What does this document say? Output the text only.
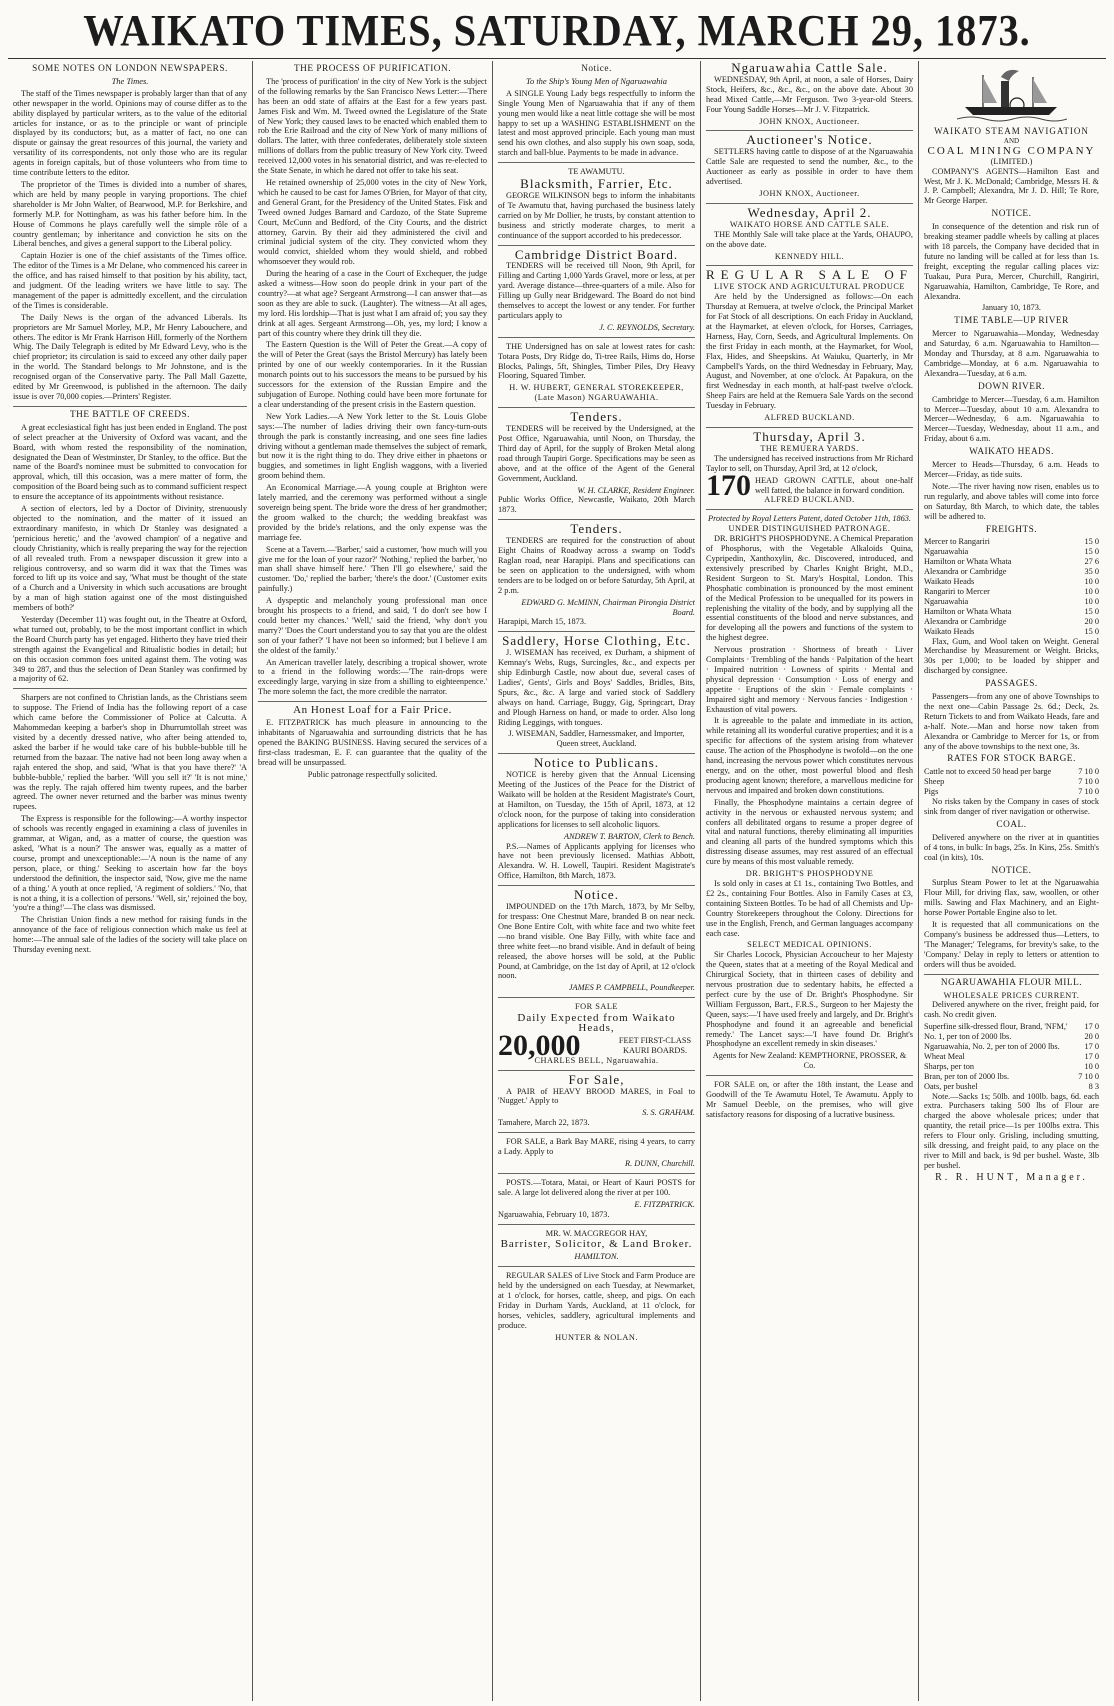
WAIKATO TIMES, SATURDAY, MARCH 29, 1873.
SOME NOTES ON LONDON NEWSPAPERS.
The Times.

The staff of the Times newspaper is probably larger than that of any other newspaper in the world. Opinions may of course differ as to the ability displayed by particular writers, as to the value of the editorial articles for instance, or as to the principle or want of principle displayed by its conductors; but, as a matter of fact, no one can dispute or gainsay the great resources of this journal, the variety and versatility of its correspondents, not only those who are its regular agents in foreign capitals, but of those volunteers who from time to time contribute letters to the editor.

The proprietor of the Times is divided into a number of shares, which are held by many people in varying proportions. The chief shareholder is Mr John Walter, of Bearwood, M.P. for Berkshire, and formerly M.P. for Nottingham, as was his father before him. In the House of Commons he plays carefully well the simple rôle of a country gentleman; by inheritance and conviction he sits on the Liberal benches, and gives a general support to the Liberal policy.

Captain Hozier is one of the chief assistants of the Times office. The editor of the Times is a Mr Delane, who commenced his career in the office, and has raised himself to that position by his ability, tact, and judgment. Of the leading writers we have little to say. The management of the paper is admittedly excellent, and the circulation of the Times is considerable.

The Daily News is the organ of the advanced Liberals. Its proprietors are Mr Samuel Morley, M.P., Mr Henry Labouchere, and others. The editor is Mr Frank Harrison Hill, formerly of the Northern Whig. The Daily Telegraph is edited by Mr Edward Levy, who is the chief proprietor; its circulation is said to exceed any other daily paper in the world. The Standard belongs to Mr Johnstone, and is the recognised organ of the Conservative party. The Pall Mall Gazette, edited by Mr Greenwood, is published in the afternoon. The daily issue is over 70,000 copies.—Printers' Register.

THE BATTLE OF CREEDS.

A great ecclesiastical fight has just been ended in England. The post of select preacher at the University of Oxford was vacant, and the Board, with whom rested the responsibility of the nomination, designated the Dean of Westminster, Dr Stanley, to the office. But the name of the Board's nominee must be submitted to convocation for approval, which, till this occasion, was a mere matter of form, the composition of the Board being such as to command sufficient respect to ensure the acceptance of its appointments without resistance.

A section of electors, led by a Doctor of Divinity, strenuously objected to the nomination, and the matter of it issued an extraordinary manifesto, in which Dr Stanley was designated a 'pernicious heretic,' and the 'avowed champion' of a negative and cloudy Christianity, which is really preparing the way for the rejection of all revealed truth. From a newspaper discussion it grew into a religious controversy, and so warm did it wax that the Times was forced to lift up its voice and say, 'What must be thought of the state of a Church and a University in which such accusations are brought by a man of high station against one of the most distinguished members of both?'

Yesterday (December 11) was fought out, in the Theatre at Oxford, what turned out, probably, to be the most important conflict in which the Board Church party has yet engaged. Hitherto they have tried their strength against the Evangelical and Ritualistic bodies in detail; but on this occasion common foes united against them. The voting was 349 to 287, and thus the selection of Dean Stanley was confirmed by a majority of 62.

Sharpers are not confined to Christian lands, as the Christians seem to suppose. The Friend of India has the following report of a case which came before the Commissioner of Police at Calcutta. A Mahommedan keeping a barber's shop in Dhurrumtollah street was visited by a decently dressed native, who after being attended to, asked the barber if he would take care of his bubble-bubble till he returned from the bazaar. The native had not been long away when a rajah entered the shop, and said, 'What is that you have there?' 'A bubble-bubble,' replied the barber. 'Will you sell it?' 'It is not mine,' was the reply. The rajah offered him twenty rupees, and the barber agreed. The owner never returned and the barber was minus twenty rupees.

The Express is responsible for the following:—A worthy inspector of schools was recently engaged in examining a class of juveniles in grammar, at Wigan, and, as a matter of course, the question was asked, 'What is a noun?' The answer was, equally as a matter of course, prompt and unexceptionable:—'A noun is the name of any person, place, or thing.' Seeking to ascertain how far the boys understood the definition, the inspector said, 'Now, give me the name of a thing.' A youth at once replied, 'A regiment of soldiers.' 'No, that is not a thing, it is a collection of persons.' 'Well, sir,' rejoined the boy, 'you're a thing!'—The class was dismissed.

The Christian Union finds a new method for raising funds in the annoyance of the face of religious connection which make us feel at home:—The annual sale of the ladies of the society will take place on Thursday evening next.

THE PROCESS OF PURIFICATION.

The 'process of purification' in the city of New York is the subject of the following remarks by the San Francisco News Letter:—There has been an odd state of affairs at the East for a few years past. James Fisk and Wm. M. Tweed owned the Legislature of the State of New York; they caused laws to be enacted which enabled them to rob the Erie Railroad and the city of New York of many millions of dollars. The latter, with three confederates, deliberately stole sixteen millions of dollars from the public treasury of New York city. Tweed received 12,000 votes in his senatorial district, and was re-elected to the State Senate, in which he dared not offer to take his seat.

He retained ownership of 25,000 votes in the city of New York, which he caused to be cast for James O'Brien, for Mayor of that city, and General Grant, for the Presidency of the United States. Fisk and Tweed owned Judges Barnard and Cardozo, of the State Supreme Court, McCunn and Bedford, of the City Courts, and the district attorney, Garvin. By their aid they administered the civil and criminal judicial system of the city. They convicted whom they would convict, shielded whom they would shield, and robbed whomsoever they would rob.

During the hearing of a case in the Court of Exchequer, the judge asked a witness—How soon do people drink in your part of the country?—at what age? Sergeant Armstrong—I can answer that—as soon as they are able to suck. (Laughter). The witness—At all ages, my lord. His lordship—That is just what I am afraid of; you say they drink at all ages. Sergeant Armstrong—Oh, yes, my lord; I know a part of this country where they drink till they die.

The Eastern Question is the Will of Peter the Great.—A copy of the will of Peter the Great (says the Bristol Mercury) has lately been printed by one of our weekly contemporaries. In it the Russian monarch points out to his successors the means to be pursued by his successors for the extension of the Russian Empire and the subjugation of Europe. Nothing could have been more fortunate for a clear understanding of the present crisis in the Eastern question.

New York Ladies.—A New York letter to the St. Louis Globe says:—The number of ladies driving their own fancy-turn-outs through the park is constantly increasing, and one sees fine ladies driving without a gentleman made themselves the subject of remark, but now it is the right thing to do. They drive either in phaetons or buggies, and sometimes in light English waggons, with a liveried groom behind them.

An Economical Marriage.—A young couple at Brighton were lately married, and the ceremony was performed without a single sovereign being spent. The bride wore the dress of her grandmother; the groom walked to the church; the wedding breakfast was provided by the bride's relations, and the only expense was the marriage fee.

Scene at a Tavern.—'Barber,' said a customer, 'how much will you give me for the loan of your razor?' 'Nothing,' replied the barber, 'no man shall shave himself here.' 'Then I'll go elsewhere,' said the customer. 'Do,' replied the barber; 'there's the door.' (Customer exits painfully.)

A dyspeptic and melancholy young professional man once brought his prospects to a friend, and said, 'I do don't see how I could better my chances.' 'Well,' said the friend, 'why don't you marry?' 'Does the Court understand you to say that you are the oldest son of your father?' 'I have not been so informed; but I believe I am the oldest of the family.'

An American traveller lately, describing a tropical shower, wrote to a friend in the following words:—'The rain-drops were exceedingly large, varying in size from a shilling to eighteenpence.' The more solemn the fact, the more credible the narrator.

An Honest Loaf for a Fair Price.

E. FITZPATRICK has much pleasure in announcing to the inhabitants of Ngaruawahia and surrounding districts that he has opened the BAKING BUSINESS. Having secured the services of a first-class tradesman, E. F. can guarantee that the quality of the bread will be unsurpassed.

Public patronage respectfully solicited.
Notice.
To the Ship's Young Men of Ngaruawahia

A SINGLE Young Lady begs respectfully to inform the Single Young Men of Ngaruawahia that if any of them young men would like a neat little cottage she will be most happy to set up a WASHING ESTABLISHMENT on the latest and most approved principle. Each young man must send his own clothes, and also supply his own soap, soda, starch and ball-blue. Payments to be made in advance.

TE AWAMUTU.
Blacksmith, Farrier, Etc.

GEORGE WILKINSON begs to inform the inhabitants of Te Awamutu that, having purchased the business lately carried on by Mr Dollier, he trusts, by constant attention to business and strictly moderate charges, to merit a continuance of the support accorded to his predecessor.

Cambridge District Board.

TENDERS will be received till Noon, 9th April, for Filling and Carting 1,000 Yards Gravel, more or less, at per yard. Average distance—three-quarters of a mile. Also for Filling up Gully near Bridgeward. The Board do not bind themselves to accept the lowest or any tender. For further particulars apply to

J. C. REYNOLDS, Secretary.

THE Undersigned has on sale at lowest rates for cash: Totara Posts, Dry Ridge do, Ti-tree Rails, Hims do, Horse Blocks, Palings, 5ft, Shingles, Timber Piles, Dry Heavy Flooring, Squared Timber.

H. W. HUBERT, GENERAL STOREKEEPER, (Late Mason) NGARUAWAHIA.
Tenders.

TENDERS will be received by the Undersigned, at the Post Office, Ngaruawahia, until Noon, on Thursday, the Third day of April, for the supply of Broken Metal along road through Taupiri Gorge. Specifications may be seen as above, and at the office of the Agent of the General Government, Auckland.

W. H. CLARKE, Resident Engineer.
Public Works Office, Newcastle, Waikato, 20th March 1873.
Tenders.

TENDERS are required for the construction of about Eight Chains of Roadway across a swamp on Todd's Raglan road, near Harapipi. Plans and specifications can be seen on application to the undersigned, with whom tenders are to be lodged on or before Saturday, 5th April, at 2 p.m.

EDWARD G. McMINN, Chairman Pirongia District Board.
Harapipi, March 15, 1873.
Saddlery, Horse Clothing, Etc.

J. WISEMAN has received, ex Durham, a shipment of Kemnay's Webs, Rugs, Surcingles, &c., and expects per ship Edinburgh Castle, now about due, several cases of Ladies', Gents', Girls and Boys' Saddles, Bridles, Bits, Spurs, &c., &c. A large and varied stock of Saddlery always on hand. Carriage, Buggy, Gig, Springcart, Dray and Plough Harness on hand, or made to order. Also long Riding Leggings, with tongues.

J. WISEMAN, Saddler, Harnessmaker, and Importer, Queen street, Auckland.
Notice to Publicans.

NOTICE is hereby given that the Annual Licensing Meeting of the Justices of the Peace for the District of Waikato will be holden at the Resident Magistrate's Court, at Hamilton, on Tuesday, the 15th of April, 1873, at 12 o'clock noon, for the purpose of taking into consideration applications for licenses to sell alcoholic liquors.

ANDREW T. BARTON, Clerk to Bench.

P.S.—Names of Applicants applying for licenses who have not been previously licensed. Mathias Abbott, Alexandra. W. H. Lowell, Taupiri. Resident Magistrate's Office, Hamilton, 8th March, 1873.

Notice.

IMPOUNDED on the 17th March, 1873, by Mr Selby, for trespass: One Chestnut Mare, branded B on near neck. One Bone Entire Colt, with white face and two white feet—no brand visible. One Bay Filly, with white face and three white feet—no brand visible. And in default of being released, the above horses will be sold, at the Public Pound, at Cambridge, on the 1st day of April, at 12 o'clock noon.

JAMES P. CAMPBELL, Poundkeeper.
FOR SALE
Daily Expected from Waikato Heads,
20,000	FEET FIRST-CLASS KAURI BOARDS.
CHARLES BELL, Ngaruawahia.
For Sale,

A PAIR of HEAVY BROOD MARES, in Foal to 'Nugget.' Apply to

S. S. GRAHAM.
Tamahere, March 22, 1873.

FOR SALE, a Bark Bay MARE, rising 4 years, to carry a Lady. Apply to

R. DUNN, Churchill.

POSTS.—Totara, Matai, or Heart of Kauri POSTS for sale. A large lot delivered along the river at per 100.

E. FITZPATRICK.
Ngaruawahia, February 10, 1873.
MR. W. MACGREGOR HAY,
Barrister, Solicitor, & Land Broker.
HAMILTON.

REGULAR SALES of Live Stock and Farm Produce are held by the undersigned on each Tuesday, at Newmarket, at 1 o'clock, for horses, cattle, sheep, and pigs. On each Friday in Durham Yards, Auckland, at 11 o'clock, for horses, vehicles, saddlery, agricultural implements and produce.

HUNTER & NOLAN.
Ngaruawahia Cattle Sale.

WEDNESDAY, 9th April, at noon, a sale of Horses, Dairy Stock, Heifers, &c., &c., &c., on the above date. About 30 head Mixed Cattle,—Mr Ferguson. Two 3-year-old Steers. Four Young Saddle Horses—Mr J. V. Fitzpatrick.

JOHN KNOX, Auctioneer.
Auctioneer's Notice.

SETTLERS having cattle to dispose of at the Ngaruawahia Cattle Sale are requested to send the number, &c., to the Auctioneer as early as possible in order to have them advertised.

JOHN KNOX, Auctioneer.
Wednesday, April 2.
WAIKATO HORSE AND CATTLE SALE.

THE Monthly Sale will take place at the Yards, OHAUPO, on the above date.

KENNEDY HILL.
REGULAR SALE OF
LIVE STOCK AND AGRICULTURAL PRODUCE

Are held by the Undersigned as follows:—On each Thursday at Remuera, at twelve o'clock, the Principal Market for Fat Stock of all descriptions. On each Friday in Auckland, at the Haymarket, at eleven o'clock, for Horses, Carriages, Harness, Hay, Corn, Seeds, and Agricultural Implements. On the first Friday in each month, at the Haymarket, for Wool, Flax, Hides, and Sheepskins. At Waiuku, Quarterly, in Mr Campbell's Yards, on the third Wednesday in February, May, August, and November, at one o'clock. At Papakura, on the first Wednesday in each month, at half-past twelve o'clock. Sheep Fairs are held at the Remuera Sale Yards on the second Tuesday in February.

ALFRED BUCKLAND.
Thursday, April 3.
THE REMUERA YARDS.

The undersigned has received instructions from Mr Richard Taylor to sell, on Thursday, April 3rd, at 12 o'clock,

170 HEAD GROWN CATTLE, about one-half well fatted, the balance in forward condition.
ALFRED BUCKLAND.
Protected by Royal Letters Patent, dated October 11th, 1863.
UNDER DISTINGUISHED PATRONAGE.

DR. BRIGHT'S PHOSPHODYNE. A Chemical Preparation of Phosphorus, with the Vegetable Alkaloids Quina, Cypripedin, Xanthoxylin, &c. Discovered, introduced, and extensively prescribed by Charles Knight Bright, M.D., Resident Surgeon to St. Mary's Hospital, London. This Phosphatic combination is pronounced by the most eminent of the Medical Profession to be unequalled for its powers in replenishing the vitality of the body, and by supplying all the essential constituents of the blood and nerve substances, and for developing all the powers and functions of the system to the highest degree.

Nervous prostration · Shortness of breath · Liver Complaints · Trembling of the hands · Palpitation of the heart · Impaired nutrition · Lowness of spirits · Mental and physical depression · Consumption · Loss of energy and appetite · Eruptions of the skin · Female complaints · Impaired sight and memory · Nervous fancies · Indigestion · Exhaustion of vital powers.

It is agreeable to the palate and immediate in its action, while retaining all its wonderful curative properties; and it is a specific for affections of the system arising from whatever cause. The action of the Phosphodyne is twofold—on the one hand, increasing the nervous power which constitutes nervous energy, and on the other, most powerful blood and flesh producing agent known; therefore, a marvellous medicine for nervous and impaired and broken down constitutions.

Finally, the Phosphodyne maintains a certain degree of activity in the nervous or exhausted nervous system; and confers all debilitated organs to resume a proper degree of vital and natural functions, thereby eliminating all impurities and cleaning all parts of the hundred symptoms which this distressing disease assumes, may rest assured of an effectual cure by means of this most valuable remedy.

DR. BRIGHT'S PHOSPHODYNE

Is sold only in cases at £1 1s., containing Two Bottles, and £2 2s., containing Four Bottles. Also in Family Cases at £3, containing Sixteen Bottles. To be had of all Chemists and Up-Country Storekeepers throughout the Colony. Directions for use in the English, French, and German languages accompany each case.

SELECT MEDICAL OPINIONS.

Sir Charles Locock, Physician Accoucheur to her Majesty the Queen, states that at a meeting of the Royal Medical and Chirurgical Society, that in thirteen cases of debility and nervous prostration due to sedentary habits, he effected a perfect cure by the use of Dr. Bright's Phosphodyne. Sir William Fergusson, Bart., F.R.S., Surgeon to her Majesty the Queen, says:—'I have used freely and largely, and Dr. Bright's Phosphodyne and found it an agreeable and beneficial remedy.' The Lancet says:—'I have found Dr. Bright's Phosphodyne an excellent remedy in skin diseases.'

Agents for New Zealand: KEMPTHORNE, PROSSER, & Co.

FOR SALE on, or after the 18th instant, the Lease and Goodwill of the Te Awamutu Hotel, Te Awamutu. Apply to Mr Samuel Deeble, on the premises, who will give satisfactory reasons for disposing of a lucrative business.

WAIKATO STEAM NAVIGATION
AND
COAL MINING COMPANY
(LIMITED.)

COMPANY'S AGENTS—Hamilton East and West, Mr J. K. McDonald; Cambridge, Messrs H. & J. P. Campbell; Alexandra, Mr J. D. Hill; Te Rore, Mr George Harper.

NOTICE.

In consequence of the detention and risk run of breaking steamer paddle wheels by calling at places with 18 parcels, the Company have decided that in future no landing will be called at for less than 1s. freight, excepting the regular calling places viz: Tuakau, Pura Pura, Mercer, Churchill, Rangiriri, Ngaruawahia, Hamilton, Cambridge, Te Rore, and Alexandra.

January 10, 1873.
TIME TABLE—UP RIVER

Mercer to Ngaruawahia—Monday, Wednesday and Saturday, 6 a.m. Ngaruawahia to Hamilton—Monday and Thursday, at 8 a.m. Ngaruawahia to Cambridge—Monday, at 6 a.m. Ngaruawahia to Alexandra—Tuesday, at 6 a.m.

DOWN RIVER.

Cambridge to Mercer—Tuesday, 6 a.m. Hamilton to Mercer—Tuesday, about 10 a.m. Alexandra to Mercer—Wednesday, 6 a.m. Ngaruawahia to Mercer—Tuesday, Wednesday, about 11 a.m., and Friday, about 6 a.m.

WAIKATO HEADS.

Mercer to Heads—Thursday, 6 a.m. Heads to Mercer—Friday, as tide suits.

Note.—The river having now risen, enables us to run regularly, and above tables will come into force on Saturday, 8th March, to which date, the tables will be adhered to.

FREIGHTS.
Mercer to Rangariri	15 0
Ngaruawahia	15 0
Hamilton or Whata Whata	27 6
Alexandra or Cambridge	35 0
Waikato Heads	10 0
Rangariri to Mercer	10 0
Ngaruawahia	10 0
Hamilton or Whata Whata	15 0
Alexandra or Cambridge	20 0
Waikato Heads	15 0

Flax, Gum, and Wool taken on Weight. General Merchandise by Measurement or Weight. Bricks, 30s per 1,000; to be loaded by shipper and discharged by consignee.

PASSAGES.

Passengers—from any one of above Townships to the next one—Cabin Passage 2s. 6d.; Deck, 2s. Return Tickets to and from Waikato Heads, fare and a-half. Note.—Man and horse now taken from Alexandra or Cambridge to Mercer for 1s, or from any of the above townships to the next one, 3s.

RATES FOR STOCK BARGE.
Cattle not to exceed 50 head per barge	7 10 0
Sheep	7 10 0
Pigs	7 10 0

No risks taken by the Company in cases of stock sink from danger of river navigation or otherwise.

COAL.

Delivered anywhere on the river at in quantities of 4 tons, in bulk: In bags, 25s. In Kins, 25s. Smith's coal (in kits), 10s.

NOTICE.

Surplus Steam Power to let at the Ngaruawahia Flour Mill, for driving flax, saw, woollen, or other mills. Sawing and Flax Machinery, and an Eight-horse Power Portable Engine also to let.

It is requested that all communications on the Company's business be addressed thus—Letters, to 'The Manager;' Telegrams, for brevity's sake, to the 'Company.' Delay in reply to letters or attention to orders will thus be avoided.

NGARUAWAHIA FLOUR MILL.
WHOLESALE PRICES CURRENT.

Delivered anywhere on the river, freight paid, for cash. No credit given.

Superfine silk-dressed flour, Brand, 'NFM,' 17 0
No. 1, per ton of 2000 lbs.	20 0
Ngaruawahia, No. 2, per ton of 2000 lbs.	17 0
Wheat Meal	17 0
Sharps, per ton	10 0
Bran, per ton of 2000 lbs.	7 10 0
Oats, per bushel	8 3

Note.—Sacks 1s; 50lb. and 100lb. bags, 6d. each extra. Purchasers taking 500 lbs of Flour are charged the above wholesale prices; under that quantity, the retail price—1s per 100lbs extra. This refers to Flour only. Grisling, including smutting, silk dressing, and freight paid, to any place on the river to Mill and back, is 9d per bushel. Waste, 3lb per bushel.

R. R. HUNT, Manager.
